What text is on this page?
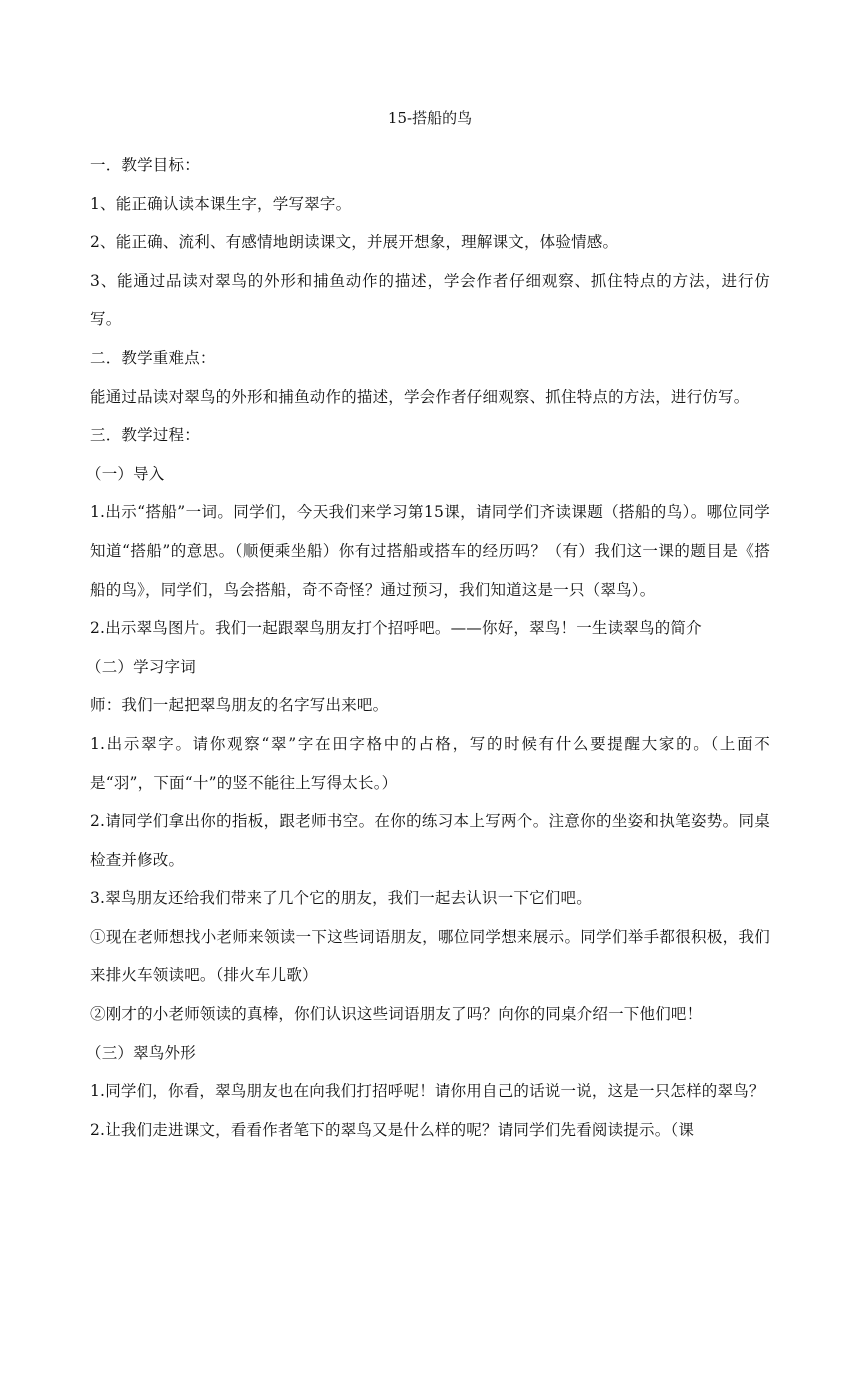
15-搭船的鸟

一．教学目标：

1、能正确认读本课生字，学写翠字。

2、能正确、流利、有感情地朗读课文，并展开想象，理解课文，体验情感。

3、能通过品读对翠鸟的外形和捕鱼动作的描述，学会作者仔细观察、抓住特点的方法，进行仿写。

二．教学重难点：

能通过品读对翠鸟的外形和捕鱼动作的描述，学会作者仔细观察、抓住特点的方法，进行仿写。

三．教学过程：

（一）导入

1.出示“搭船”一词。同学们，今天我们来学习第15课，请同学们齐读课题（搭船的鸟）。哪位同学知道“搭船”的意思。（顺便乘坐船）你有过搭船或搭车的经历吗？（有）我们这一课的题目是《搭船的鸟》，同学们，鸟会搭船，奇不奇怪？通过预习，我们知道这是一只（翠鸟）。

2.出示翠鸟图片。我们一起跟翠鸟朋友打个招呼吧。——你好，翠鸟！一生读翠鸟的简介

（二）学习字词

师：我们一起把翠鸟朋友的名字写出来吧。

1.出示翠字。请你观察“翠”字在田字格中的占格，写的时候有什么要提醒大家的。（上面不是“羽”，下面“十”的竖不能往上写得太长。）

2.请同学们拿出你的指板，跟老师书空。在你的练习本上写两个。注意你的坐姿和执笔姿势。同桌检查并修改。

3.翠鸟朋友还给我们带来了几个它的朋友，我们一起去认识一下它们吧。

①现在老师想找小老师来领读一下这些词语朋友，哪位同学想来展示。同学们举手都很积极，我们来排火车领读吧。（排火车儿歌）

②刚才的小老师领读的真棒，你们认识这些词语朋友了吗？向你的同桌介绍一下他们吧！

（三）翠鸟外形

1.同学们，你看，翠鸟朋友也在向我们打招呼呢！请你用自己的话说一说，这是一只怎样的翠鸟？

2.让我们走进课文，看看作者笔下的翠鸟又是什么样的呢？请同学们先看阅读提示。（课
